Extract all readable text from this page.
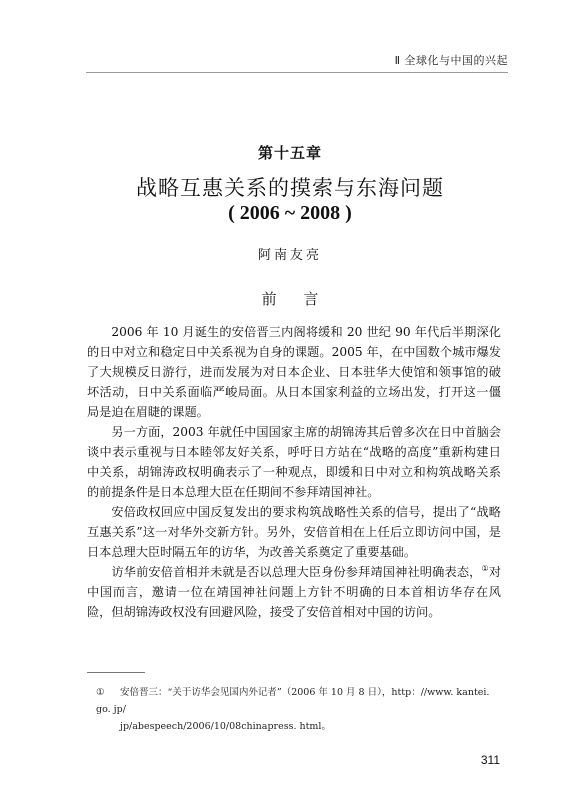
Ⅱ 全球化与中国的兴起
第十五章
战略互惠关系的摸索与东海问题
( 2006 ~ 2008 )
阿南友亮
前 言

2006 年 10 月诞生的安倍晋三内阁将缓和 20 世纪 90 年代后半期深化的日中对立和稳定日中关系视为自身的课题。2005 年，在中国数个城市爆发了大规模反日游行，进而发展为对日本企业、日本驻华大使馆和领事馆的破坏活动，日中关系面临严峻局面。从日本国家利益的立场出发，打开这一僵局是迫在眉睫的课题。

另一方面，2003 年就任中国国家主席的胡锦涛其后曾多次在日中首脑会谈中表示重视与日本睦邻友好关系，呼吁日方站在“战略的高度”重新构建日中关系，胡锦涛政权明确表示了一种观点，即缓和日中对立和构筑战略关系的前提条件是日本总理大臣在任期间不参拜靖国神社。

安倍政权回应中国反复发出的要求构筑战略性关系的信号，提出了“战略互惠关系”这一对华外交新方针。另外，安倍首相在上任后立即访问中国，是日本总理大臣时隔五年的访华，为改善关系奠定了重要基础。

访华前安倍首相并未就是否以总理大臣身份参拜靖国神社明确表态，①对中国而言，邀请一位在靖国神社问题上方针不明确的日本首相访华存在风险，但胡锦涛政权没有回避风险，接受了安倍首相对中国的访问。

① 安倍晋三：“关于访华会见国内外记者”（2006 年 10 月 8 日），http：//www. kantei. go. jp/
jp/abespeech/2006/10/08chinapress. html。
311
